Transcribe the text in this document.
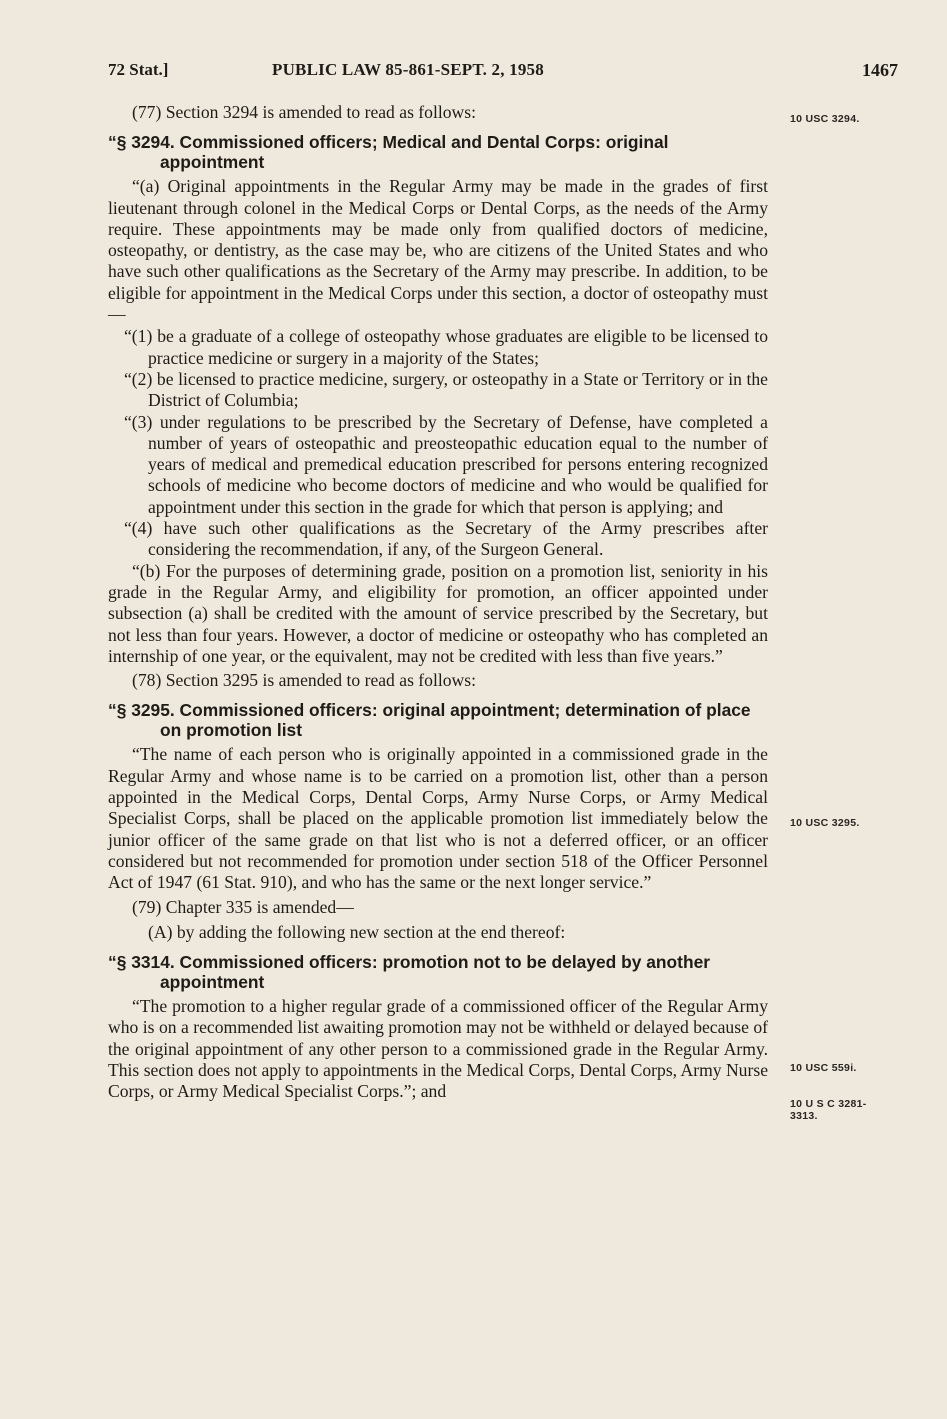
72 Stat.]	PUBLIC LAW 85-861-SEPT. 2, 1958	1467
10 USC 3294.
10 USC 3295.
10 USC 559i.
10 U S C 3281-3313.

(77) Section 3294 is amended to read as follows:

“§ 3294. Commissioned officers; Medical and Dental Corps: original appointment

“(a) Original appointments in the Regular Army may be made in the grades of first lieutenant through colonel in the Medical Corps or Dental Corps, as the needs of the Army require. These appointments may be made only from qualified doctors of medicine, osteopathy, or dentistry, as the case may be, who are citizens of the United States and who have such other qualifications as the Secretary of the Army may prescribe. In addition, to be eligible for appointment in the Medical Corps under this section, a doctor of osteopathy must—

“(1) be a graduate of a college of osteopathy whose graduates are eligible to be licensed to practice medicine or surgery in a majority of the States;

“(2) be licensed to practice medicine, surgery, or osteopathy in a State or Territory or in the District of Columbia;

“(3) under regulations to be prescribed by the Secretary of Defense, have completed a number of years of osteopathic and preosteopathic education equal to the number of years of medical and premedical education prescribed for persons entering recognized schools of medicine who become doctors of medicine and who would be qualified for appointment under this section in the grade for which that person is applying; and

“(4) have such other qualifications as the Secretary of the Army prescribes after considering the recommendation, if any, of the Surgeon General.

“(b) For the purposes of determining grade, position on a promotion list, seniority in his grade in the Regular Army, and eligibility for promotion, an officer appointed under subsection (a) shall be credited with the amount of service prescribed by the Secretary, but not less than four years. However, a doctor of medicine or osteopathy who has completed an internship of one year, or the equivalent, may not be credited with less than five years.”

(78) Section 3295 is amended to read as follows:

“§ 3295. Commissioned officers: original appointment; determination of place on promotion list

“The name of each person who is originally appointed in a commissioned grade in the Regular Army and whose name is to be carried on a promotion list, other than a person appointed in the Medical Corps, Dental Corps, Army Nurse Corps, or Army Medical Specialist Corps, shall be placed on the applicable promotion list immediately below the junior officer of the same grade on that list who is not a deferred officer, or an officer considered but not recommended for promotion under section 518 of the Officer Personnel Act of 1947 (61 Stat. 910), and who has the same or the next longer service.”

(79) Chapter 335 is amended—

(A) by adding the following new section at the end thereof:

“§ 3314. Commissioned officers: promotion not to be delayed by another appointment

“The promotion to a higher regular grade of a commissioned officer of the Regular Army who is on a recommended list awaiting promotion may not be withheld or delayed because of the original appointment of any other person to a commissioned grade in the Regular Army. This section does not apply to appointments in the Medical Corps, Dental Corps, Army Nurse Corps, or Army Medical Specialist Corps.”; and
